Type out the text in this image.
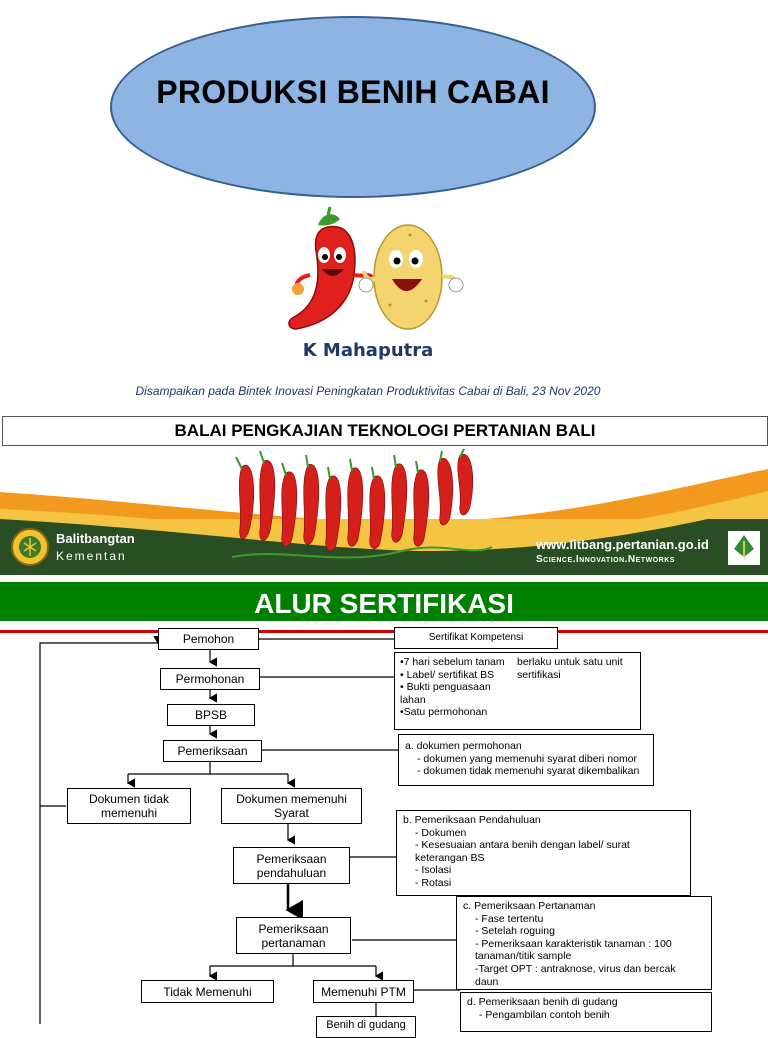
PRODUKSI BENIH CABAI
K Mahaputra
Disampaikan pada Bintek Inovasi Peningkatan Produktivitas Cabai di Bali, 23 Nov 2020
BALAI PENGKAJIAN TEKNOLOGI PERTANIAN BALI
Balitbangtan
Kementan
www.litbang.pertanian.go.id
Science.Innovation.Networks
ALUR SERTIFIKASI
Pemohon
Permohonan
BPSB
Pemeriksaan
Dokumen tidak
memenuhi
Dokumen memenuhi
Syarat
Pemeriksaan
pendahuluan
Pemeriksaan
pertanaman
Tidak Memenuhi	Memenuhi PTM
Benih di gudang
Sertifikat Kompetensi
•7 hari sebelum tanam
• Label/ sertifikat BS
• Bukti penguasaan
lahan
•Satu permohonan
berlaku untuk satu unit
sertifikasi
a. dokumen permohonan
- dokumen yang memenuhi syarat diberi nomor
- dokumen tidak memenuhi syarat dikembalikan
b. Pemeriksaan Pendahuluan
- Dokumen
- Kesesuaian antara benih dengan label/ surat
keterangan BS
- Isolasi
- Rotasi
c. Pemeriksaan Pertanaman
- Fase tertentu
- Setelah roguing
- Pemeriksaan karakteristik tanaman : 100
tanaman/titik sample
-Target OPT : antraknose, virus dan bercak
daun
d. Pemeriksaan benih di gudang
- Pengambilan contoh benih
